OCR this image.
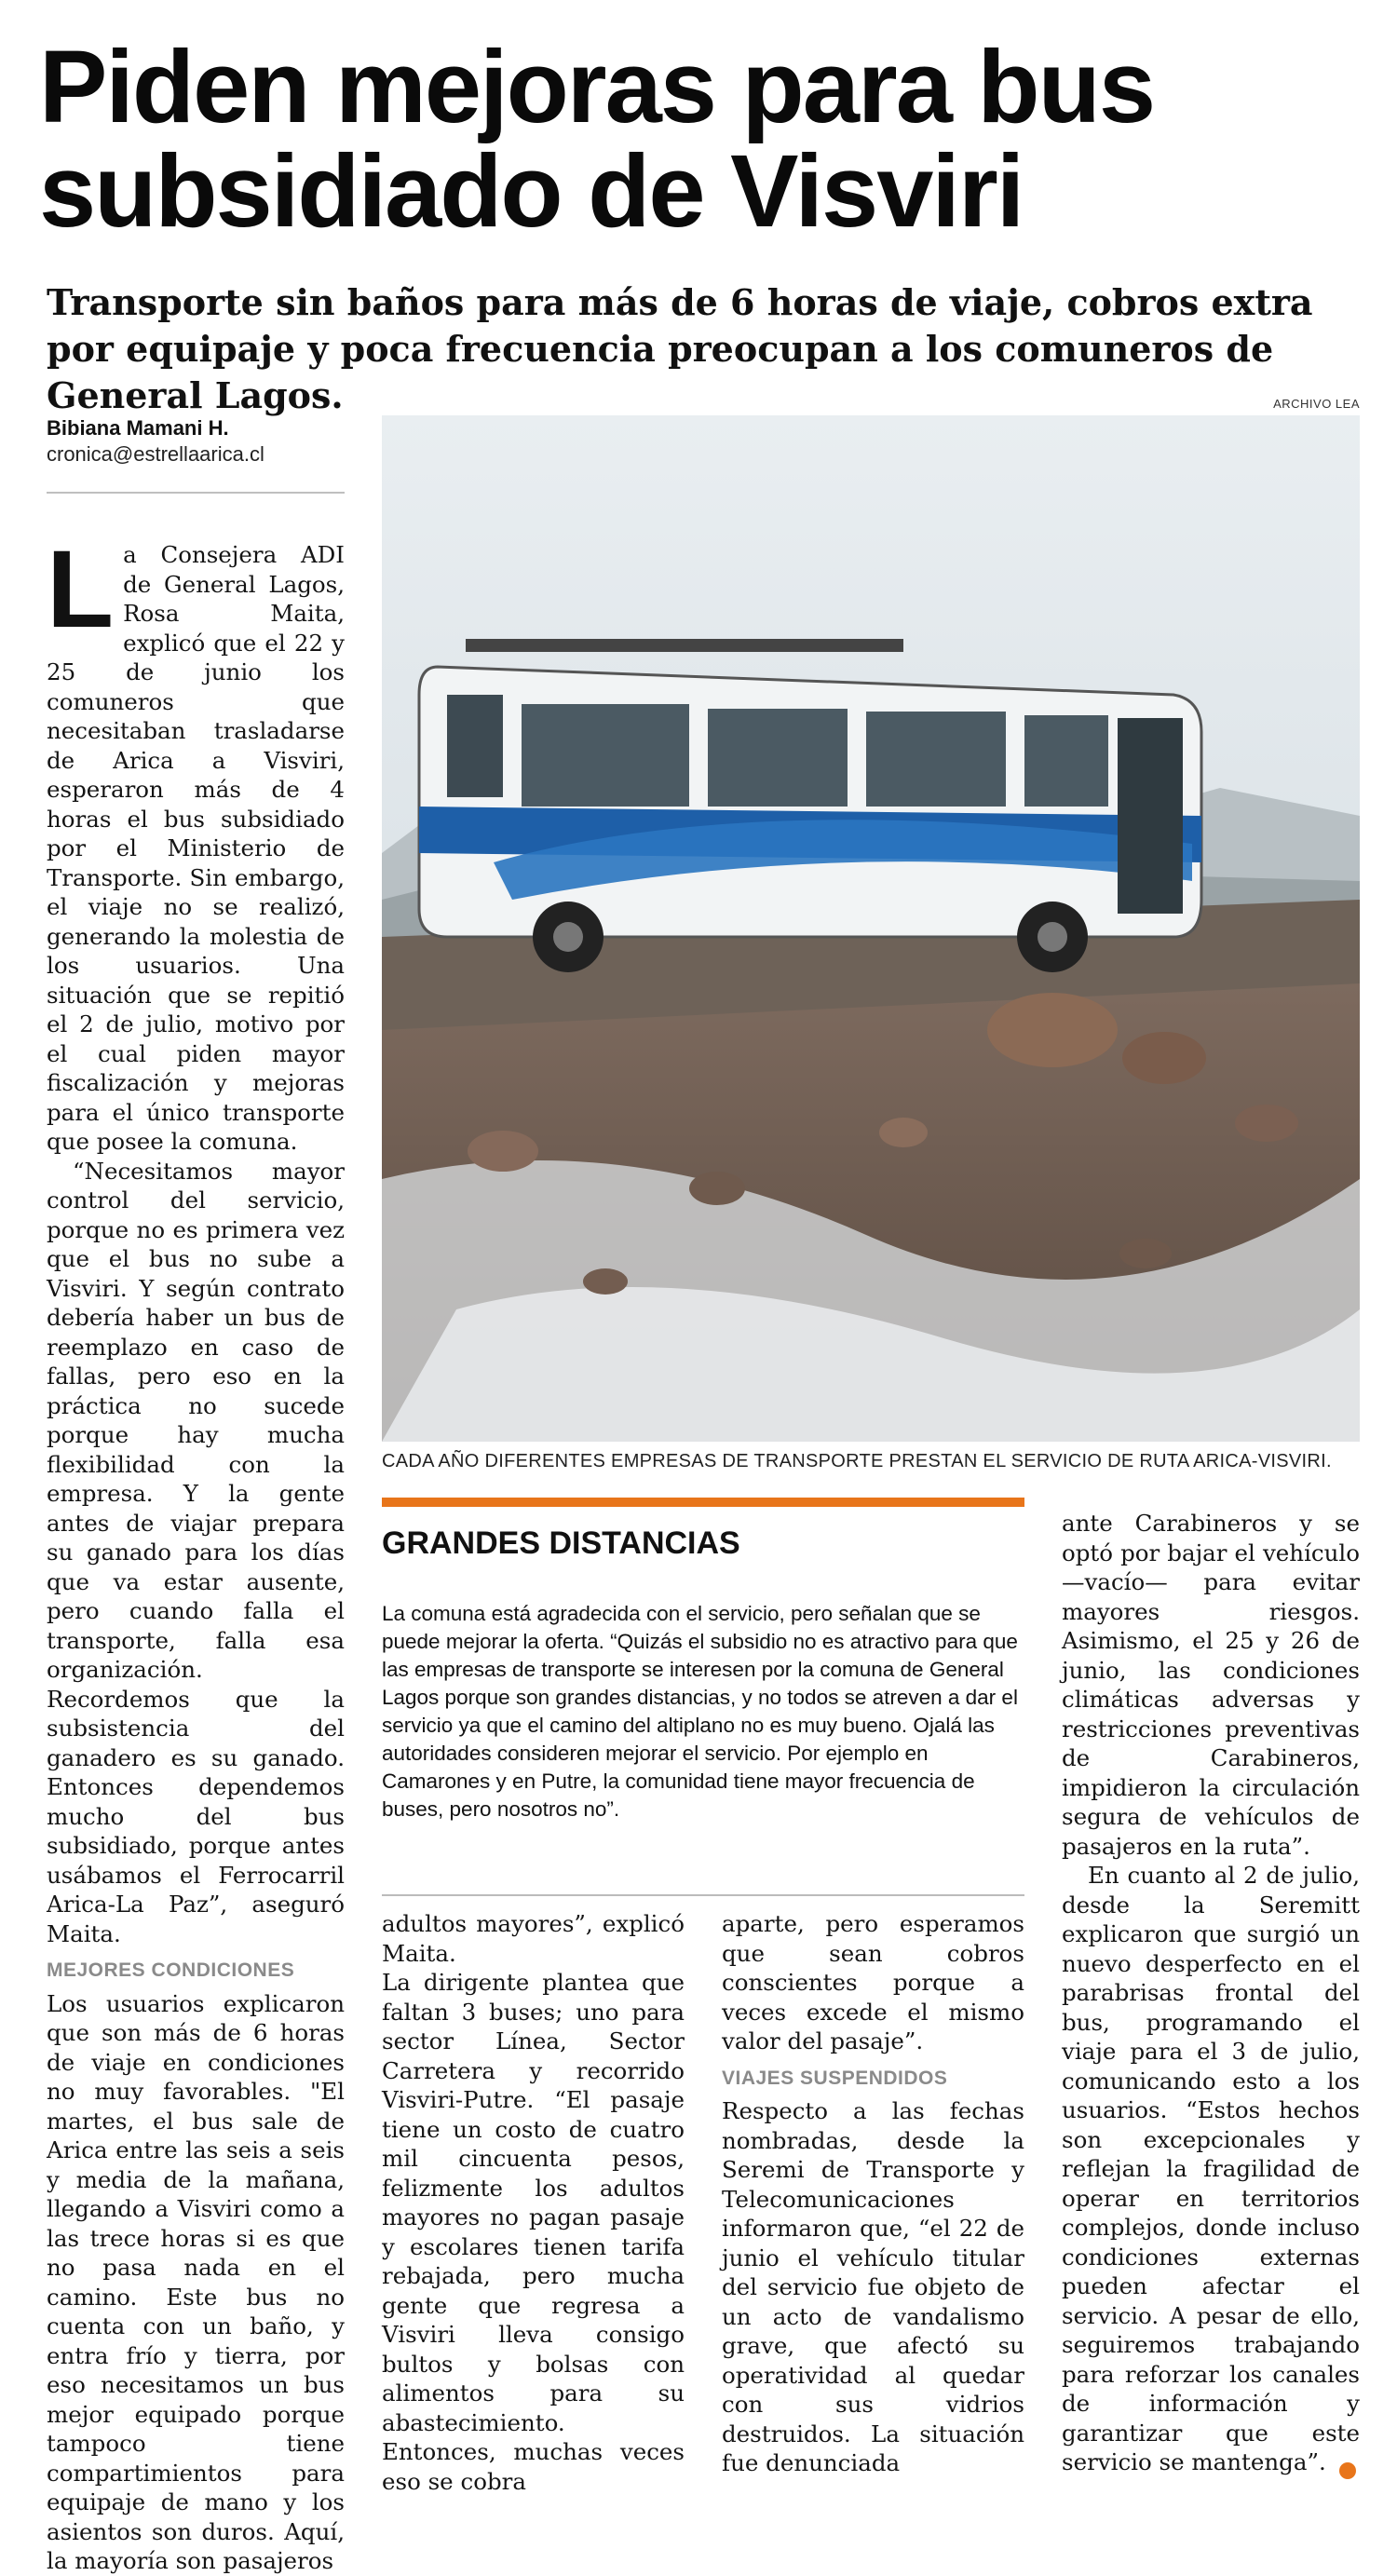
Piden mejoras para bus subsidiado de Visviri

Transporte sin baños para más de 6 horas de viaje, cobros extra por equipaje y poca frecuencia preocupan a los comuneros de General Lagos.

Bibiana Mamani H.
cronica@estrellaarica.cl
ARCHIVO LEA
CADA AÑO DIFERENTES EMPRESAS DE TRANSPORTE PRESTAN EL SERVICIO DE RUTA ARICA-VISVIRI.
L a Consejera ADI de General Lagos, Rosa Maita, explicó que el 22 y 25 de junio los comuneros que necesitaban trasladarse de Arica a Visviri, esperaron más de 4 horas el bus subsidiado por el Ministerio de Transporte. Sin embargo, el viaje no se realizó, generando la molestia de los usuarios. Una situación que se repitió el 2 de julio, motivo por el cual piden mayor fiscalización y mejoras para el único transporte que posee la comuna.

“Necesitamos mayor control del servicio, porque no es primera vez que el bus no sube a Visviri. Y según contrato debería haber un bus de reemplazo en caso de fallas, pero eso en la práctica no sucede porque hay mucha flexibilidad con la empresa. Y la gente antes de viajar prepara su ganado para los días que va estar ausente, pero cuando falla el transporte, falla esa organización. Recordemos que la subsistencia del ganadero es su ganado. Entonces dependemos mucho del bus subsidiado, porque antes usábamos el Ferrocarril Arica-La Paz”, aseguró Maita.

MEJORES CONDICIONES

Los usuarios explicaron que son más de 6 horas de viaje en condiciones no muy favorables. "El martes, el bus sale de Arica entre las seis a seis y media de la mañana, llegando a Visviri como a las trece horas si es que no pasa nada en el camino. Este bus no cuenta con un baño, y entra frío y tierra, por eso necesitamos un bus mejor equipado porque tampoco tiene compartimientos para equipaje de mano y los asientos son duros. Aquí, la mayoría son pasajeros

GRANDES DISTANCIAS

La comuna está agradecida con el servicio, pero señalan que se puede mejorar la oferta. “Quizás el subsidio no es atractivo para que las empresas de transporte se interesen por la comuna de General Lagos porque son grandes distancias, y no todos se atreven a dar el servicio ya que el camino del altiplano no es muy bueno. Ojalá las autoridades consideren mejorar el servicio. Por ejemplo en Camarones y en Putre, la comunidad tiene mayor frecuencia de buses, pero nosotros no”.

adultos mayores”, explicó Maita.

La dirigente plantea que faltan 3 buses; uno para sector Línea, Sector Carretera y recorrido Visviri-Putre. “El pasaje tiene un costo de cuatro mil cincuenta pesos, felizmente los adultos mayores no pagan pasaje y escolares tienen tarifa rebajada, pero mucha gente que regresa a Visviri lleva consigo bultos y bolsas con alimentos para su abastecimiento. Entonces, muchas veces eso se cobra

aparte, pero esperamos que sean cobros conscientes porque a veces excede el mismo valor del pasaje”.

VIAJES SUSPENDIDOS

Respecto a las fechas nombradas, desde la Seremi de Transporte y Telecomunicaciones informaron que, “el 22 de junio el vehículo titular del servicio fue objeto de un acto de vandalismo grave, que afectó su operatividad al quedar con sus vidrios destruidos. La situación fue denunciada

ante Carabineros y se optó por bajar el vehículo —vacío— para evitar mayores riesgos. Asimismo, el 25 y 26 de junio, las condiciones climáticas adversas y restricciones preventivas de Carabineros, impidieron la circulación segura de vehículos de pasajeros en la ruta”.

En cuanto al 2 de julio, desde la Seremitt explicaron que surgió un nuevo desperfecto en el parabrisas frontal del bus, programando el viaje para el 3 de julio, comunicando esto a los usuarios. “Estos hechos son excepcionales y reflejan la fragilidad de operar en territorios complejos, donde incluso condiciones externas pueden afectar el servicio. A pesar de ello, seguiremos trabajando para reforzar los canales de información y garantizar que este servicio se mantenga”.
